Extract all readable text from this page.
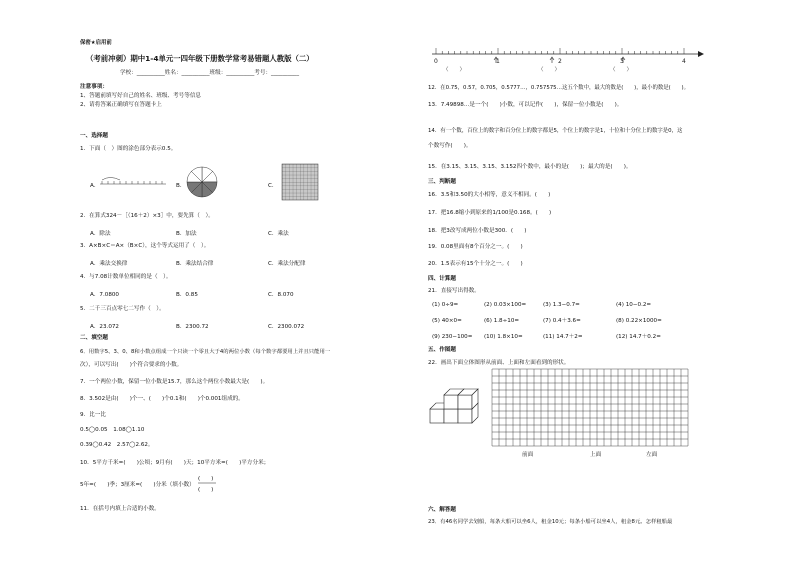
保密★启用前
（考前冲刺）期中1-4单元一四年级下册数学常考易错题人教版（二）
学校：__________姓名：__________班级：__________考号：__________
注意事项：
1、答题前填写好自己的姓名、班级、考号等信息
2、请将答案正确填写在答题卡上
一、选择题
1．下面（　）图的涂色部分表示0.5。
A．	B．	C．
2．在算式324－［（16＋2）×3］中，要先算（　）。
A．除法	B．加法	C．乘法
3．A×B×C＝A×（B×C），这个等式运用了（　）。
A．乘法交换律	B．乘法结合律	C．乘法分配律
4．与7.08计数单位相同的是（　）。
A．7.0800	B．0.85	C．8.070
5．二千三百点零七二写作（　）。
A．23.072	B．2300.72	C．2300.072
二、填空题
6．用数字5、3、0、8和小数点组成一个只读一个零且大于4的两位小数（每个数字都要用上并且只能用一
次），可以写出(　　)个符合要求的小数。
7．一个两位小数，保留一位小数是15.7，那么这个两位小数最大是(　　)。
8．3.502是由(　　)个一、(　　)个0.1和(　　)个0.001组成的。
9．比一比
0.5◯0.05　1.08◯1.10
0.39◯0.42　2.57◯2.62。
10．5平方千米=(　　)公顷；9月有(　　)天；10平方米=(　　)平方分米；
5年=(　　)季；3厘米=(　　)分米（填小数）
(　　)
(　　)
11．在括号内填上合适的小数。
0	1	2	3	4
（　　）	（　　）	（　　）
12．在0.75，0.57，0.705，0.5777…，0.757575…这五个数中，最大的数是(　　)，最小的数是(　　)。
13．7.49898…是一个(　　)小数，可以记作(　　)，保留一位小数是(　　)。
14．有一个数，百位上的数字和百分位上的数字都是5，个位上的数字是1，十位和十分位上的数字是0，这
个数写作(　　)。
15．在3.15、3.15、3.15、3.152四个数中，最小的是(　　)；最大的是(　　)。
三、判断题
16．3.5和3.50的大小相等，意义不相同。(　　)
17．把16.8缩小到原来的1/100是0.168。(　　)
18．把3改写成两位小数是300．(　　)
19．0.08里面有8个百分之一。(　　)
20．1.5表示有15个十分之一。(　　)
四、计算题
21．直接写出得数。
(1) 0÷9=	(2) 0.03×100=	(3) 1.3−0.7=	(4) 10−0.2=
(5) 40×0=	(6) 1.8÷10=	(7) 0.4＋3.6=	(8) 0.22×1000=
(9) 230−100= (10) 1.8×10=	(11) 14.7＋2=	(12) 14.7＋0.2=
五、作图题
22．画出下面立体图形从前面、上面和左面看到的形状。
前面	上面	左面
六、解答题
23．有46名同学去划船，每条大船可以坐6人，租金10元；每条小船可以坐4人，租金8元。怎样租船最
